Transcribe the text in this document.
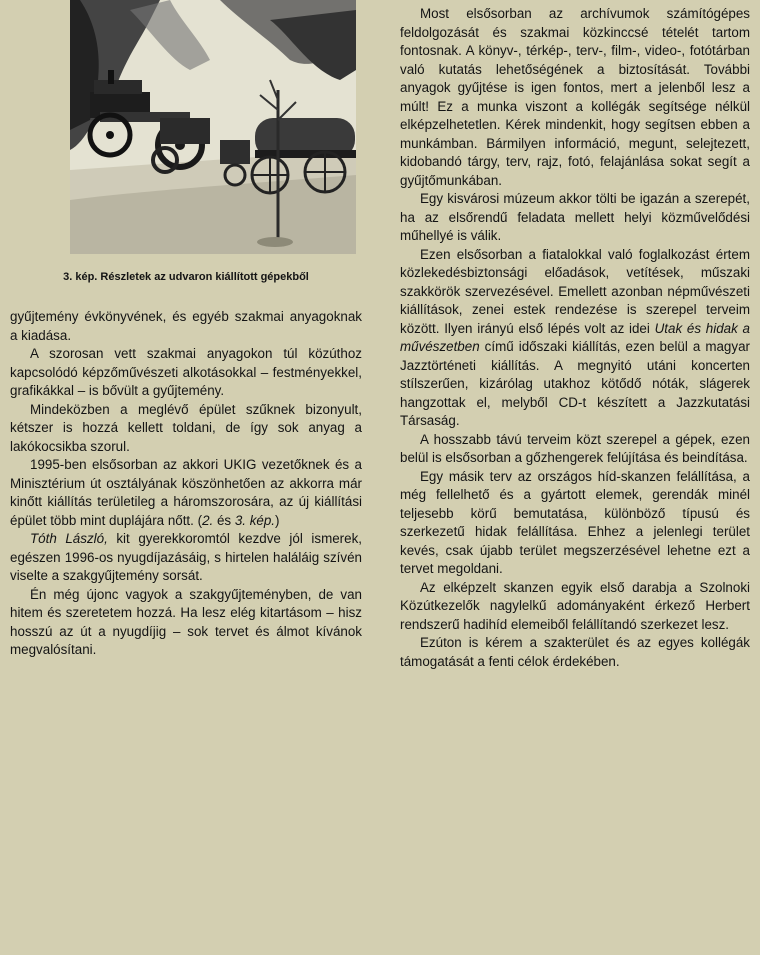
3. kép. Részletek az udvaron kiállított gépekből

gyűjtemény évkönyvének, és egyéb szakmai anyagoknak a kiadása.

A szorosan vett szakmai anyagokon túl közúthoz kapcsolódó képzőművészeti alkotásokkal – festményekkel, grafikákkal – is bővült a gyűjtemény.

Mindeközben a meglévő épület szűknek bizonyult, kétszer is hozzá kellett toldani, de így sok anyag a lakókocsikba szorul.

1995-ben elsősorban az akkori UKIG vezetőknek és a Minisztérium út osztályának köszönhetően az akkorra már kinőtt kiállítás területileg a háromszorosára, az új kiállítási épület több mint duplájára nőtt. (2. és 3. kép.)

Tóth László, kit gyerekkoromtól kezdve jól ismerek, egészen 1996-os nyugdíjazásáig, s hirtelen haláláig szívén viselte a szakgyűjtemény sorsát.

Én még újonc vagyok a szakgyűjteményben, de van hitem és szeretetem hozzá. Ha lesz elég kitartásom – hisz hosszú az út a nyugdíjig – sok tervet és álmot kívánok megvalósítani.

Most elsősorban az archívumok számítógépes feldolgozását és szakmai közkinccsé tételét tartom fontosnak. A könyv-, térkép-, terv-, film-, video-, fotótárban való kutatás lehetőségének a biztosítását. További anyagok gyűjtése is igen fontos, mert a jelenből lesz a múlt! Ez a munka viszont a kollégák segítsége nélkül elképzelhetetlen. Kérek mindenkit, hogy segítsen ebben a munkámban. Bármilyen információ, megunt, selejtezett, kidobandó tárgy, terv, rajz, fotó, felajánlása sokat segít a gyűjtőmunkában.

Egy kisvárosi múzeum akkor tölti be igazán a szerepét, ha az elsőrendű feladata mellett helyi közművelődési műhellyé is válik.

Ezen elsősorban a fiatalokkal való foglalkozást értem közlekedésbiztonsági előadások, vetítések, műszaki szakkörök szervezésével. Emellett azonban népművészeti kiállítások, zenei estek rendezése is szerepel terveim között. Ilyen irányú első lépés volt az idei Utak és hidak a művészetben című időszaki kiállítás, ezen belül a magyar Jazztörténeti kiállítás. A megnyitó utáni koncerten stílszerűen, kizárólag utakhoz kötődő nóták, slágerek hangzottak el, melyből CD-t készített a Jazzkutatási Társaság.

A hosszabb távú terveim közt szerepel a gépek, ezen belül is elsősorban a gőzhengerek felújítása és beindítása.

Egy másik terv az országos híd-skanzen felállítása, a még fellelhető és a gyártott elemek, gerendák minél teljesebb körű bemutatása, különböző típusú és szerkezetű hidak felállítása. Ehhez a jelenlegi terület kevés, csak újabb terület megszerzésével lehetne ezt a tervet megoldani.

Az elképzelt skanzen egyik első darabja a Szolnoki Közútkezelők nagylelkű adományaként érkező Herbert rendszerű hadihíd elemeiből felállítandó szerkezet lesz.

Ezúton is kérem a szakterület és az egyes kollégák támogatását a fenti célok érdekében.
